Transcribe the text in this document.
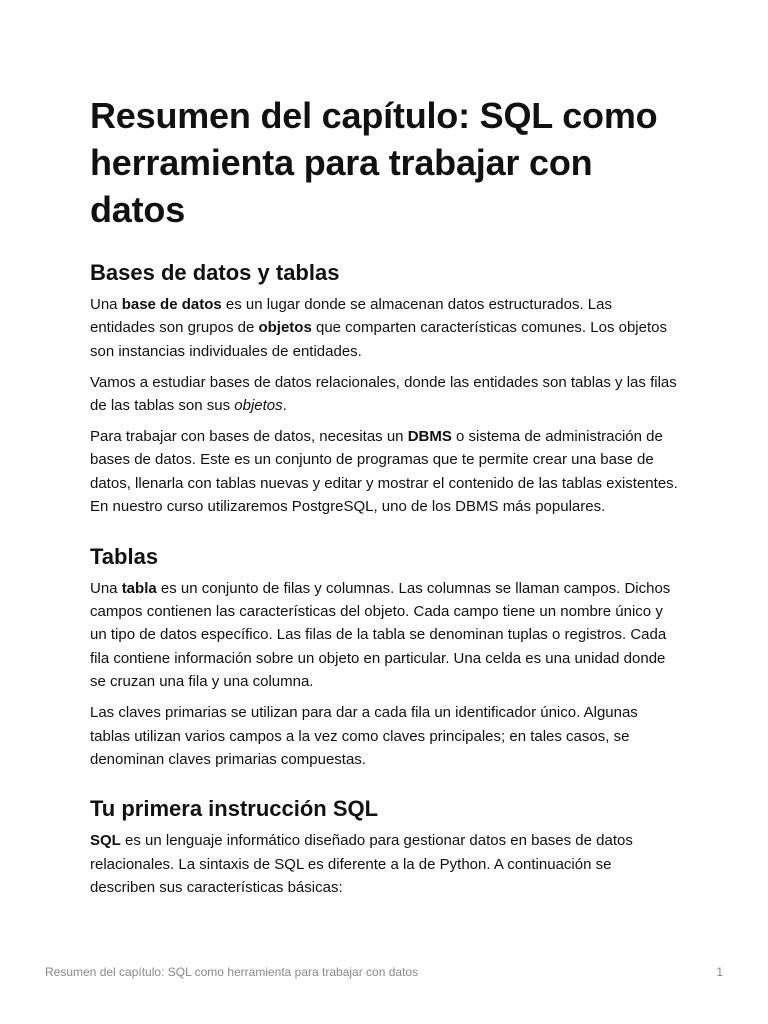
Resumen del capítulo: SQL como herramienta para trabajar con datos
Bases de datos y tablas

Una base de datos es un lugar donde se almacenan datos estructurados. Las entidades son grupos de objetos que comparten características comunes. Los objetos son instancias individuales de entidades.

Vamos a estudiar bases de datos relacionales, donde las entidades son tablas y las filas de las tablas son sus objetos.

Para trabajar con bases de datos, necesitas un DBMS o sistema de administración de bases de datos. Este es un conjunto de programas que te permite crear una base de datos, llenarla con tablas nuevas y editar y mostrar el contenido de las tablas existentes. En nuestro curso utilizaremos PostgreSQL, uno de los DBMS más populares.

Tablas

Una tabla es un conjunto de filas y columnas. Las columnas se llaman campos. Dichos campos contienen las características del objeto. Cada campo tiene un nombre único y un tipo de datos específico. Las filas de la tabla se denominan tuplas o registros. Cada fila contiene información sobre un objeto en particular. Una celda es una unidad donde se cruzan una fila y una columna.

Las claves primarias se utilizan para dar a cada fila un identificador único. Algunas tablas utilizan varios campos a la vez como claves principales; en tales casos, se denominan claves primarias compuestas.

Tu primera instrucción SQL

SQL es un lenguaje informático diseñado para gestionar datos en bases de datos relacionales. La sintaxis de SQL es diferente a la de Python. A continuación se describen sus características básicas:

Resumen del capítulo: SQL como herramienta para trabajar con datos	1
